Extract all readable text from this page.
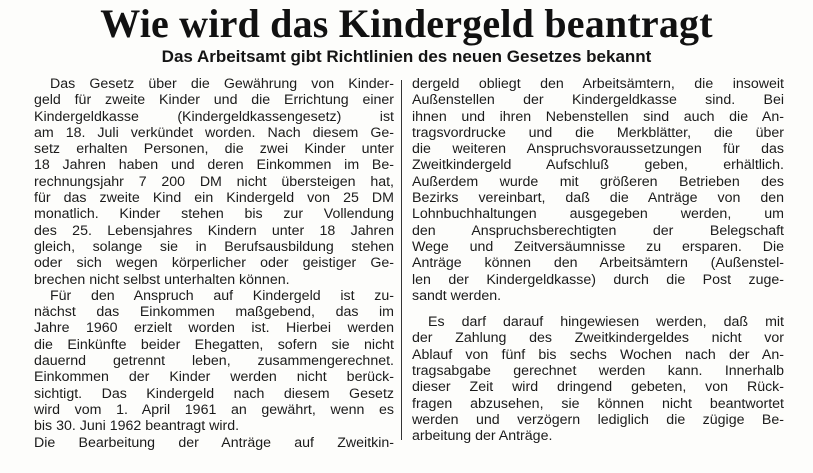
Wie wird das Kindergeld beantragt
Das Arbeitsamt gibt Richtlinien des neuen Gesetzes bekannt
Das Gesetz über die Gewährung von Kinder-
geld für zweite Kinder und die Errichtung einer
Kindergeldkasse (Kindergeldkassengesetz) ist
am 18. Juli verkündet worden. Nach diesem Ge-
setz erhalten Personen, die zwei Kinder unter
18 Jahren haben und deren Einkommen im Be-
rechnungsjahr 7 200 DM nicht übersteigen hat,
für das zweite Kind ein Kindergeld von 25 DM
monatlich. Kinder stehen bis zur Vollendung
des 25. Lebensjahres Kindern unter 18 Jahren
gleich, solange sie in Berufsausbildung stehen
oder sich wegen körperlicher oder geistiger Ge-
brechen nicht selbst unterhalten können.
Für den Anspruch auf Kindergeld ist zu-
nächst das Einkommen maßgebend, das im
Jahre 1960 erzielt worden ist. Hierbei werden
die Einkünfte beider Ehegatten, sofern sie nicht
dauernd getrennt leben, zusammengerechnet.
Einkommen der Kinder werden nicht berück-
sichtigt. Das Kindergeld nach diesem Gesetz
wird vom 1. April 1961 an gewährt, wenn es
bis 30. Juni 1962 beantragt wird.
Die Bearbeitung der Anträge auf Zweitkin-
dergeld obliegt den Arbeitsämtern, die insoweit
Außenstellen der Kindergeldkasse sind. Bei
ihnen und ihren Nebenstellen sind auch die An-
tragsvordrucke und die Merkblätter, die über
die weiteren Anspruchsvoraussetzungen für das
Zweitkindergeld Aufschluß geben, erhältlich.
Außerdem wurde mit größeren Betrieben des
Bezirks vereinbart, daß die Anträge von den
Lohnbuchhaltungen ausgegeben werden, um
den Anspruchsberechtigten der Belegschaft
Wege und Zeitversäumnisse zu ersparen. Die
Anträge können den Arbeitsämtern (Außenstel-
len der Kindergeldkasse) durch die Post zuge-
sandt werden.
Es darf darauf hingewiesen werden, daß mit
der Zahlung des Zweitkindergeldes nicht vor
Ablauf von fünf bis sechs Wochen nach der An-
tragsabgabe gerechnet werden kann. Innerhalb
dieser Zeit wird dringend gebeten, von Rück-
fragen abzusehen, sie können nicht beantwortet
werden und verzögern lediglich die zügige Be-
arbeitung der Anträge.
